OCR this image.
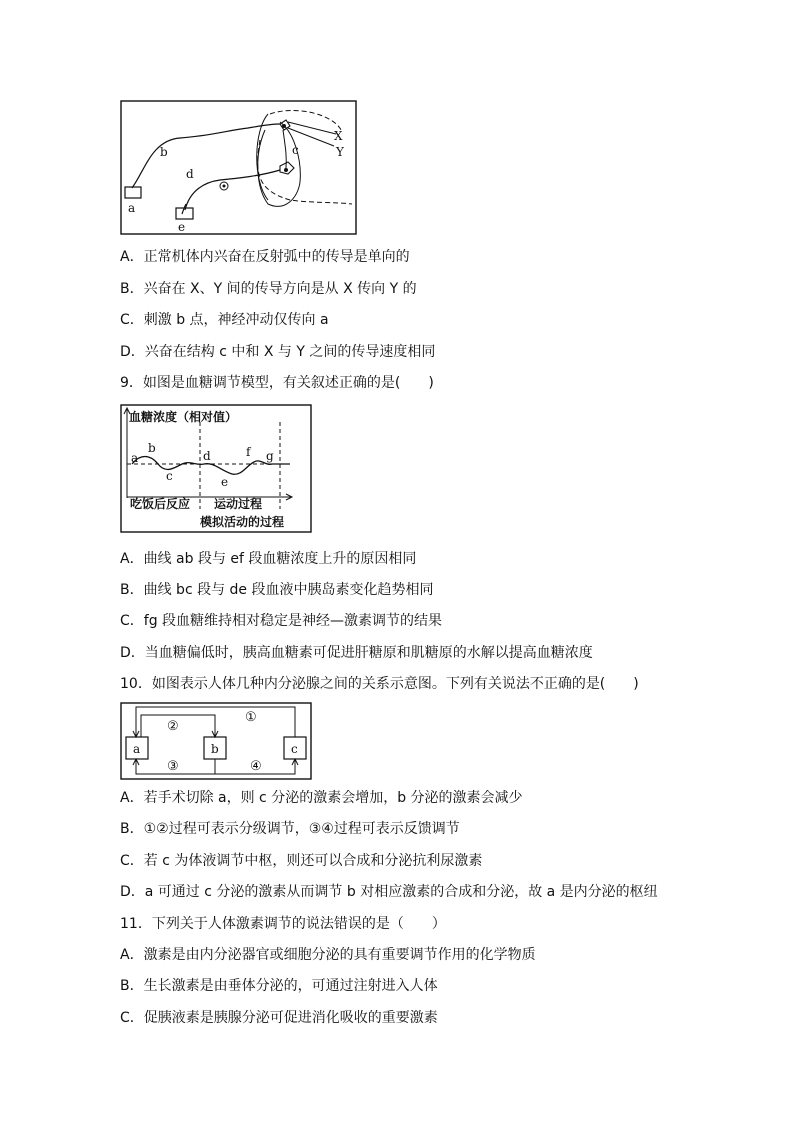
a
b	c
d
e
X
Y
A．正常机体内兴奋在反射弧中的传导是单向的
B．兴奋在 X、Y 间的传导方向是从 X 传向 Y 的
C．刺激 b 点，神经冲动仅传向 a
D．兴奋在结构 c 中和 X 与 Y 之间的传导速度相同
9．如图是血糖调节模型，有关叙述正确的是(　　)
血糖浓度（相对值）
a
b
c
d
e
f g
吃饭后反应 运动过程
模拟活动的过程
A．曲线 ab 段与 ef 段血糖浓度上升的原因相同
B．曲线 bc 段与 de 段血液中胰岛素变化趋势相同
C．fg 段血糖维持相对稳定是神经—激素调节的结果
D．当血糖偏低时，胰高血糖素可促进肝糖原和肌糖原的水解以提高血糖浓度
10．如图表示人体几种内分泌腺之间的关系示意图。下列有关说法不正确的是(　　)
a	b	c
①
②
③	④
A．若手术切除 a，则 c 分泌的激素会增加，b 分泌的激素会减少
B．①②过程可表示分级调节，③④过程可表示反馈调节
C．若 c 为体液调节中枢，则还可以合成和分泌抗利尿激素
D．a 可通过 c 分泌的激素从而调节 b 对相应激素的合成和分泌，故 a 是内分泌的枢纽
11．下列关于人体激素调节的说法错误的是（　　）
A．激素是由内分泌器官或细胞分泌的具有重要调节作用的化学物质
B．生长激素是由垂体分泌的，可通过注射进入人体
C．促胰液素是胰腺分泌可促进消化吸收的重要激素
